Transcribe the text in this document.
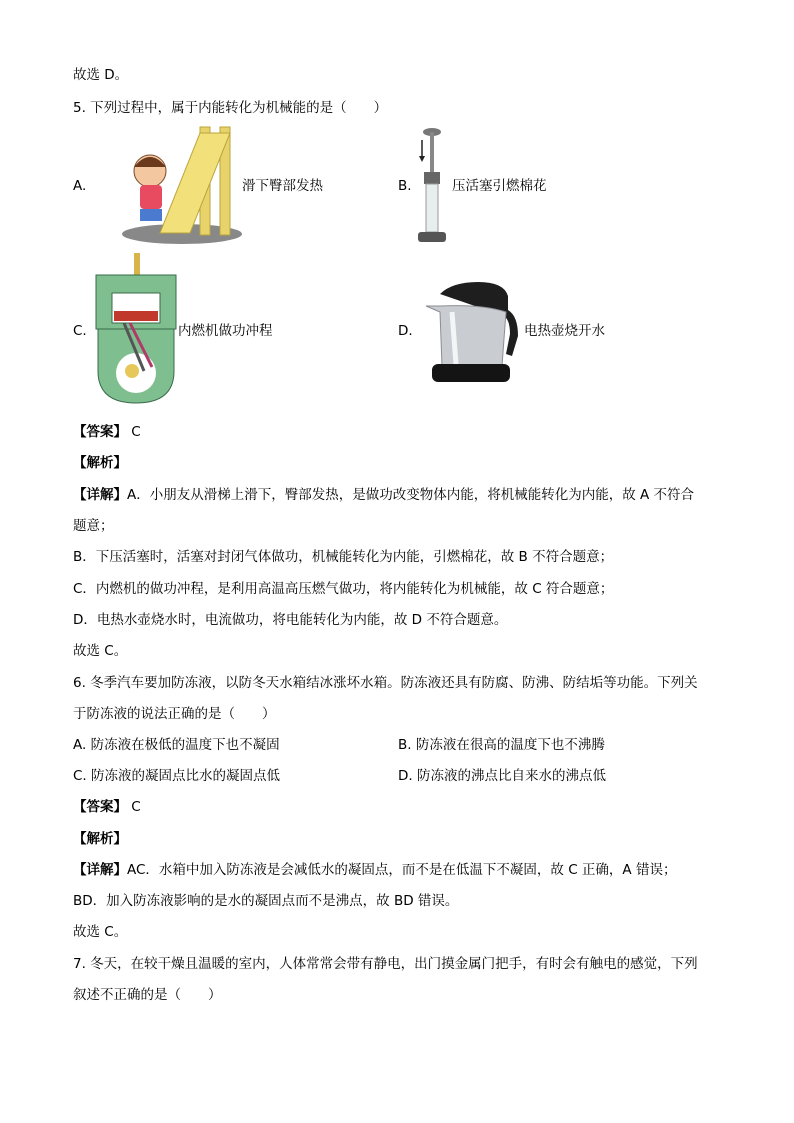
故选 D。
5. 下列过程中，属于内能转化为机械能的是（　　）
A.	滑下臀部发热	B.	压活塞引燃棉花
C.	内燃机做功冲程	D.	电热壶烧开水
【答案】 C
【解析】
【详解】A．小朋友从滑梯上滑下，臀部发热，是做功改变物体内能，将机械能转化为内能，故 A 不符合
题意；
B．下压活塞时，活塞对封闭气体做功，机械能转化为内能，引燃棉花，故 B 不符合题意；
C．内燃机的做功冲程，是利用高温高压燃气做功，将内能转化为机械能，故 C 符合题意；
D．电热水壶烧水时，电流做功，将电能转化为内能，故 D 不符合题意。
故选 C。
6. 冬季汽车要加防冻液，以防冬天水箱结冰涨坏水箱。防冻液还具有防腐、防沸、防结垢等功能。下列关
于防冻液的说法正确的是（　　）
A. 防冻液在极低的温度下也不凝固	B. 防冻液在很高的温度下也不沸腾
C. 防冻液的凝固点比水的凝固点低	D. 防冻液的沸点比自来水的沸点低
【答案】 C
【解析】
【详解】AC．水箱中加入防冻液是会减低水的凝固点，而不是在低温下不凝固，故 C 正确，A 错误；
BD．加入防冻液影响的是水的凝固点而不是沸点，故 BD 错误。
故选 C。
7. 冬天，在较干燥且温暖的室内，人体常常会带有静电，出门摸金属门把手，有时会有触电的感觉，下列
叙述不正确的是（　　）
